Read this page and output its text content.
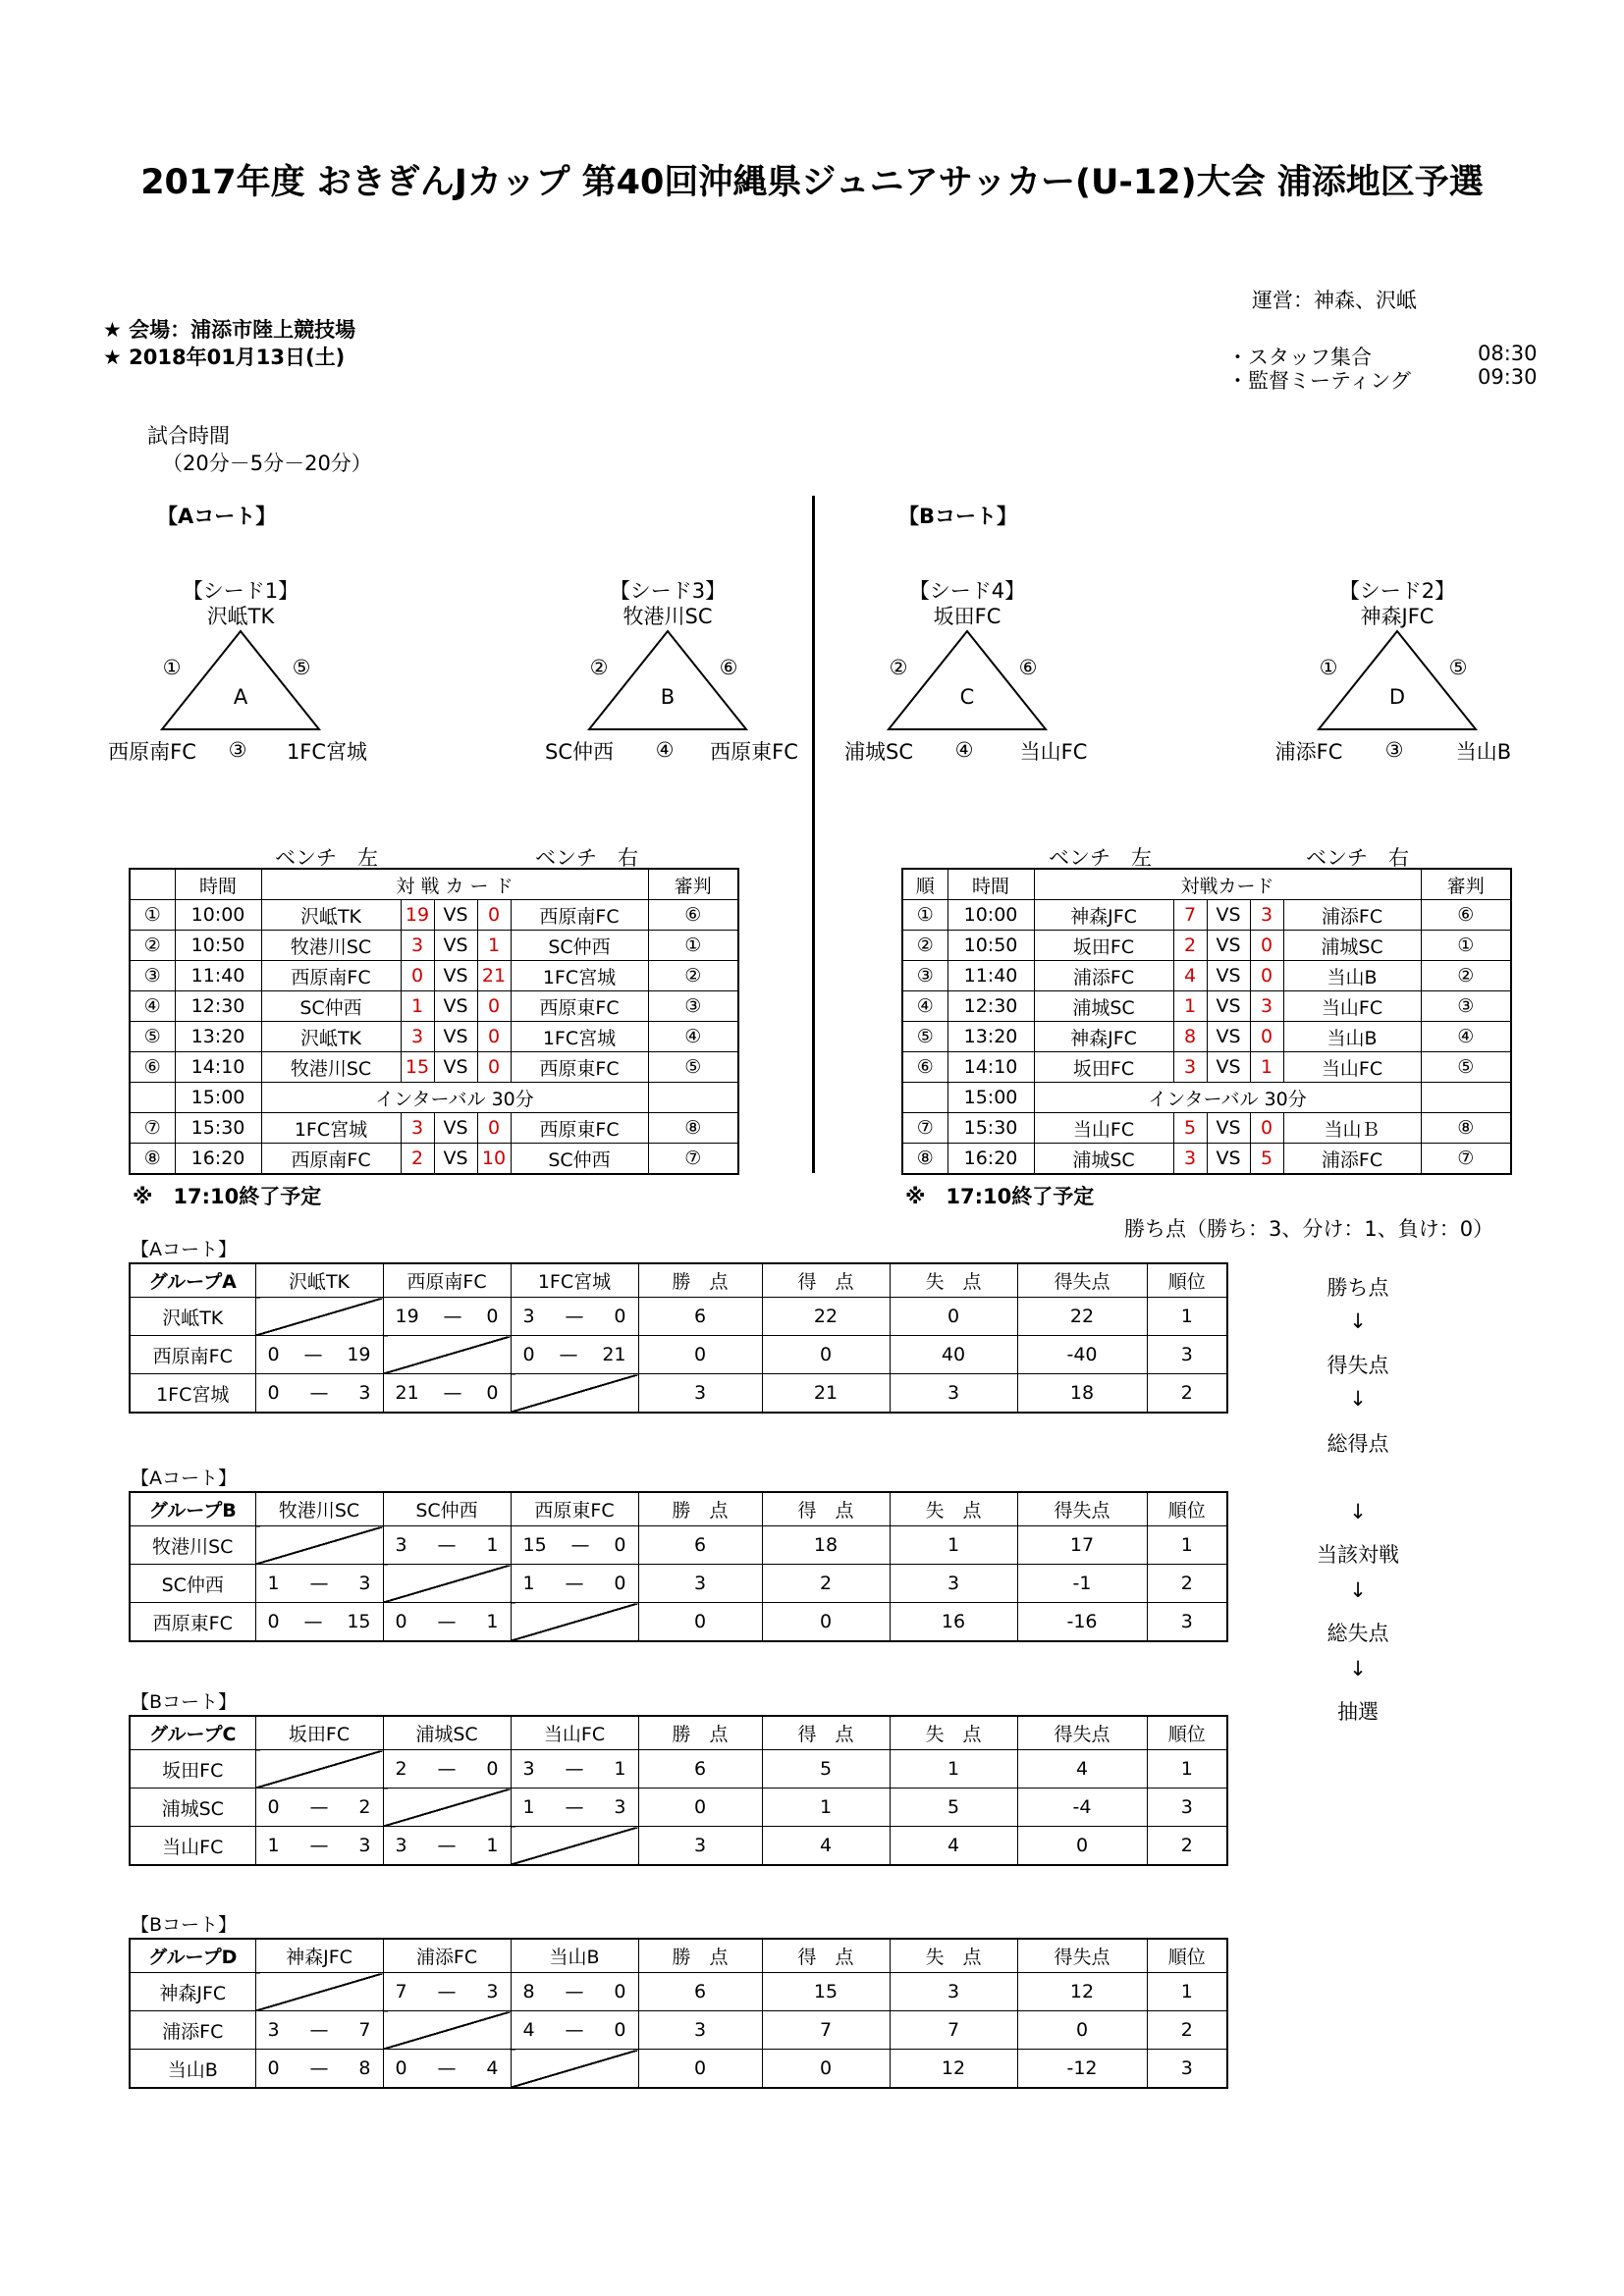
2017年度 おきぎんJカップ 第40回沖縄県ジュニアサッカー(U-12)大会 浦添地区予選
運営：神森、沢岻
★ 会場：浦添市陸上競技場
★ 2018年01月13日(土)	・スタッフ集合	08:30
・監督ミーティング	09:30
試合時間
（20分－5分－20分）
【Aコート】	【Bコート】
【シード1】
沢岻TK
A
①	⑤
③
西原南FC	1FC宮城
【シード3】
牧港川SC
B
②	⑥
④
SC仲西	西原東FC
【シード4】
坂田FC
C
②	⑥
④
浦城SC	当山FC
【シード2】
神森JFC
D
①	⑤
③
浦添FC	当山B
ベンチ　左	ベンチ　右
	時間	対 戦 カ ー ド					審判
①	10:00	沢岻TK	19	VS	0	西原南FC	⑥
②	10:50	牧港川SC	3	VS	1	SC仲西	①
③	11:40	西原南FC	0	VS	21	1FC宮城	②
④	12:30	SC仲西	1	VS	0	西原東FC	③
⑤	13:20	沢岻TK	3	VS	0	1FC宮城	④
⑥	14:10	牧港川SC	15	VS	0	西原東FC	⑤
	15:00	インターバル 30分					
⑦	15:30	1FC宮城	3	VS	0	西原東FC	⑧
⑧	16:20	西原南FC	2	VS	10	SC仲西	⑦
※　17:10終了予定
ベンチ　左	ベンチ　右
順	時間	対戦カード					審判
①	10:00	神森JFC	7	VS	3	浦添FC	⑥
②	10:50	坂田FC	2	VS	0	浦城SC	①
③	11:40	浦添FC	4	VS	0	当山B	②
④	12:30	浦城SC	1	VS	3	当山FC	③
⑤	13:20	神森JFC	8	VS	0	当山B	④
⑥	14:10	坂田FC	3	VS	1	当山FC	⑤
	15:00	インターバル 30分					
⑦	15:30	当山FC	5	VS	0	当山Ｂ	⑧
⑧	16:20	浦城SC	3	VS	5	浦添FC	⑦
※　17:10終了予定
勝ち点（勝ち：3、分け：1、負け：0）
勝ち点
↓
得失点
↓
総得点
↓
当該対戦
↓
総失点
↓
抽選
【Aコート】
グループA	沢岻TK	西原南FC	1FC宮城	勝　点	得　点	失　点	得失点	順位
沢岻TK		19 — 0	3 — 0	6	22	0	22	1
西原南FC	0 — 19		0 — 21	0	0	40	-40	3
1FC宮城	0 — 3	21 — 0		3	21	3	18	2
【Aコート】
グループB	牧港川SC	SC仲西	西原東FC	勝　点	得　点	失　点	得失点	順位
牧港川SC		3 — 1	15 — 0	6	18	1	17	1
SC仲西	1 — 3		1 — 0	3	2	3	-1	2
西原東FC	0 — 15	0 — 1		0	0	16	-16	3
【Bコート】
グループC	坂田FC	浦城SC	当山FC	勝　点	得　点	失　点	得失点	順位
坂田FC		2 — 0	3 — 1	6	5	1	4	1
浦城SC	0 — 2		1 — 3	0	1	5	-4	3
当山FC	1 — 3	3 — 1		3	4	4	0	2
【Bコート】
グループD	神森JFC	浦添FC	当山B	勝　点	得　点	失　点	得失点	順位
神森JFC		7 — 3	8 — 0	6	15	3	12	1
浦添FC	3 — 7		4 — 0	3	7	7	0	2
当山B	0 — 8	0 — 4		0	0	12	-12	3
